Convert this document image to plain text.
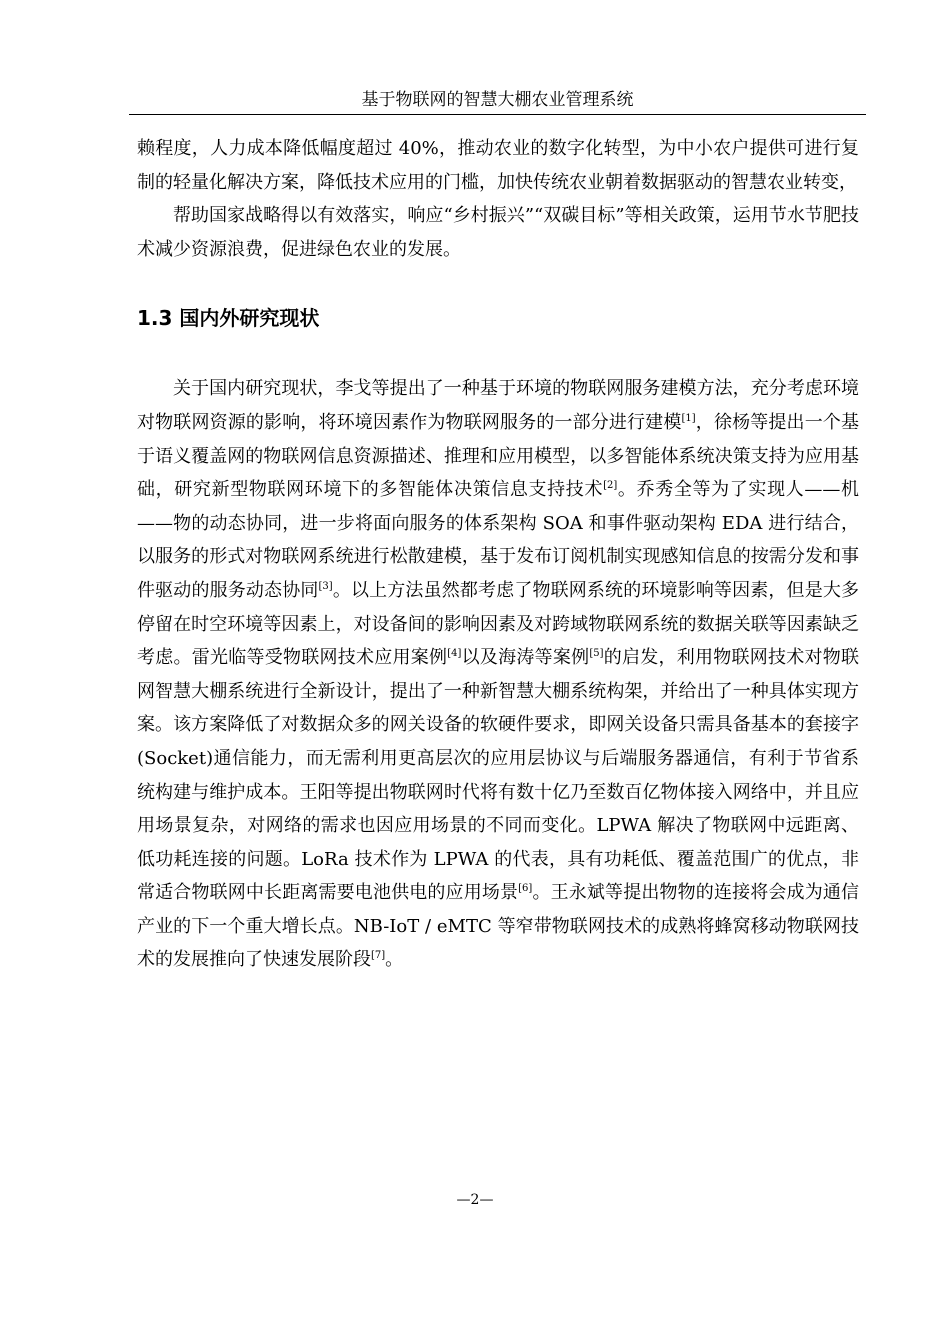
基于物联网的智慧大棚农业管理系统

赖程度，人力成本降低幅度超过 40%，推动农业的数字化转型，为中小农户提供可进行复制的轻量化解决方案，降低技术应用的门槛，加快传统农业朝着数据驱动的智慧农业转变，

帮助国家战略得以有效落实，响应“乡村振兴”“双碳目标”等相关政策，运用节水节肥技术减少资源浪费，促进绿色农业的发展。

1.3 国内外研究现状

关于国内研究现状，李戈等提出了一种基于环境的物联网服务建模方法，充分考虑环境对物联网资源的影响，将环境因素作为物联网服务的一部分进行建模[1]，徐杨等提出一个基于语义覆盖网的物联网信息资源描述、推理和应用模型，以多智能体系统决策支持为应用基础，研究新型物联网环境下的多智能体决策信息支持技术[2]。乔秀全等为了实现人——机——物的动态协同，进一步将面向服务的体系架构 SOA 和事件驱动架构 EDA 进行结合，以服务的形式对物联网系统进行松散建模，基于发布订阅机制实现感知信息的按需分发和事件驱动的服务动态协同[3]。以上方法虽然都考虑了物联网系统的环境影响等因素，但是大多停留在时空环境等因素上，对设备间的影响因素及对跨域物联网系统的数据关联等因素缺乏考虑。雷光临等受物联网技术应用案例[4]以及海涛等案例[5]的启发，利用物联网技术对物联网智慧大棚系统进行全新设计，提出了一种新智慧大棚系统构架，并给出了一种具体实现方案。该方案降低了对数据众多的网关设备的软硬件要求，即网关设备只需具备基本的套接字(Socket)通信能力，而无需利用更高层次的应用层协议与后端服务器通信，有利于节省系统构建与维护成本。王阳等提出物联网时代将有数十亿乃至数百亿物体接入网络中，并且应用场景复杂，对网络的需求也因应用场景的不同而变化。LPWA 解决了物联网中远距离、低功耗连接的问题。LoRa 技术作为 LPWA 的代表，具有功耗低、覆盖范围广的优点，非常适合物联网中长距离需要电池供电的应用场景[6]。王永斌等提出物物的连接将会成为通信产业的下一个重大增长点。NB-IoT / eMTC 等窄带物联网技术的成熟将蜂窝移动物联网技术的发展推向了快速发展阶段[7]。

—2—
